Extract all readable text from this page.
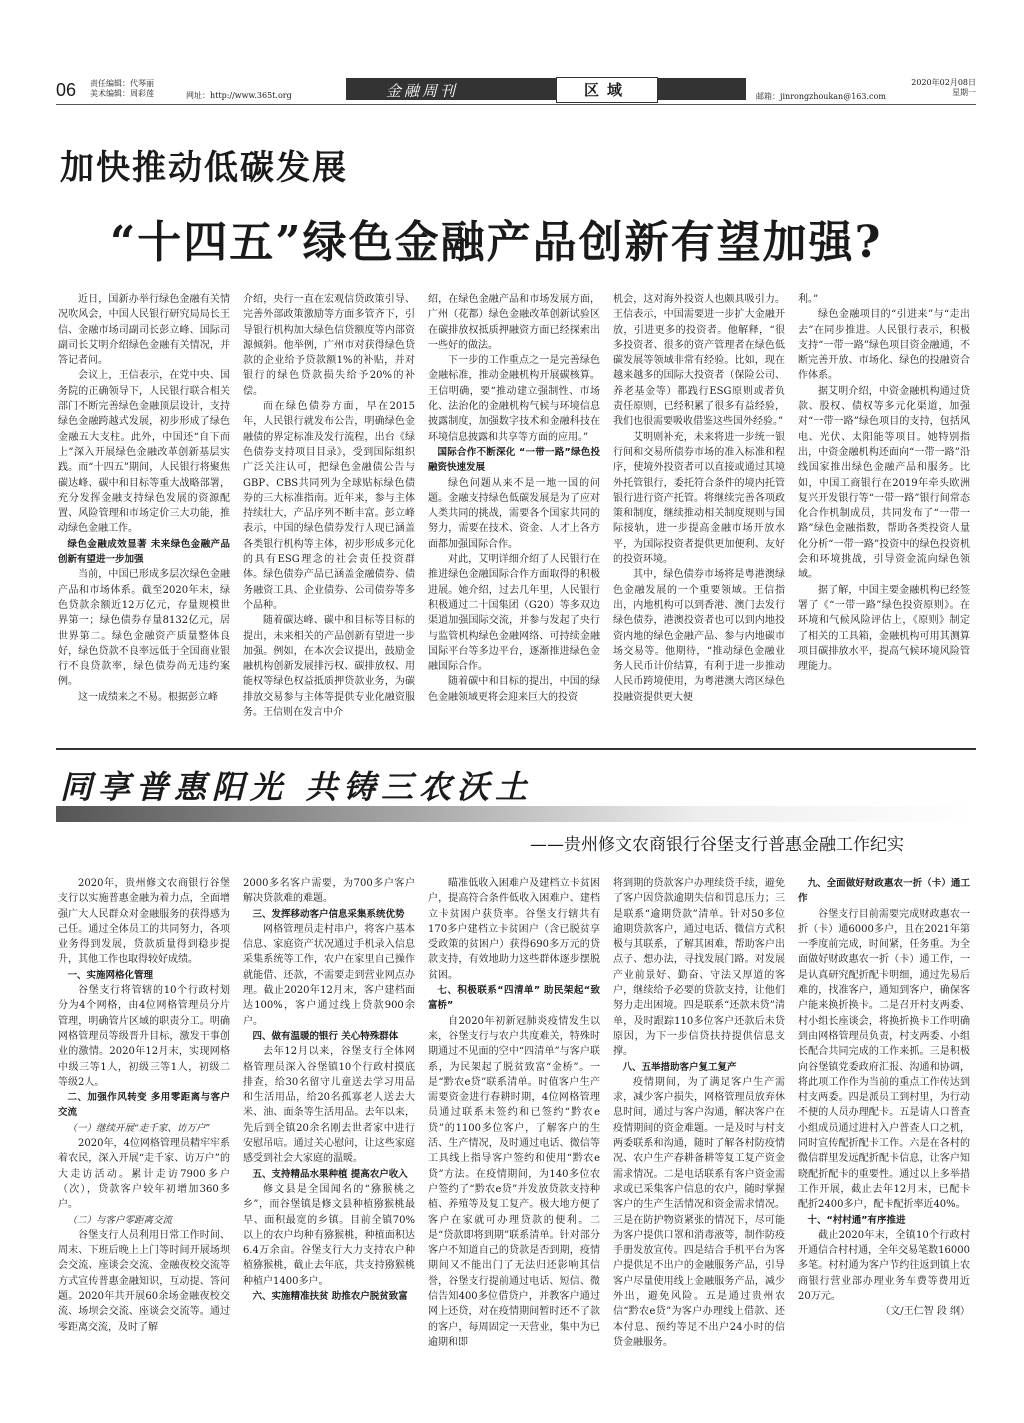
06 责任编辑：代琴丽
美术编辑：周彩莲	网址：http://www.365t.org	金融周刊	区域	邮箱：jinrongzhoukan@163.com
2020年02月08日
星期一
加快推动低碳发展
“十四五”绿色金融产品创新有望加强?

近日，国新办举行绿色金融有关情况吹风会，中国人民银行研究局局长王信、金融市场司副司长彭立峰、国际司副司长艾明介绍绿色金融有关情况，并答记者问。

会议上，王信表示，在党中央、国务院的正确领导下，人民银行联合相关部门不断完善绿色金融顶层设计，支持绿色金融跨越式发展，初步形成了绿色金融五大支柱。此外，中国还“自下而上”深入开展绿色金融改革创新基层实践。而“十四五”期间，人民银行将聚焦碳达峰、碳中和目标等重大战略部署，充分发挥金融支持绿色发展的资源配置、风险管理和市场定价三大功能，推动绿色金融工作。

绿色金融成效显著 未来绿色金融产品创新有望进一步加强

当前，中国已形成多层次绿色金融产品和市场体系。截至2020年末，绿色贷款余额近12万亿元，存量规模世界第一；绿色债券存量8132亿元，居世界第二。绿色金融资产质量整体良好，绿色贷款不良率远低于全国商业银行不良贷款率，绿色债券尚无违约案例。

这一成绩来之不易。根据彭立峰

介绍，央行一直在宏观信贷政策引导、完善外部政策激励等方面多管齐下，引导银行机构加大绿色信贷额度等内部资源倾斜。他举例，广州市对获得绿色贷款的企业给予贷款额1%的补贴，并对银行的绿色贷款损失给予20%的补偿。

而在绿色债券方面，早在2015年，人民银行就发布公告，明确绿色金融债的界定标准及发行流程，出台《绿色债券支持项目目录》，受到国际组织广泛关注认可，把绿色金融债公告与GBP、CBS共同列为全球贴标绿色债券的三大标准指南。近年来，参与主体持续壮大，产品序列不断丰富。彭立峰表示，中国的绿色债券发行人现已涵盖各类银行机构等主体，初步形成多元化的具有ESG理念的社会责任投资群体。绿色债券产品已涵盖金融债券、债务融资工具、企业债券、公司债券等多个品种。

随着碳达峰、碳中和目标等目标的提出，未来相关的产品创新有望进一步加强。例如，在本次会议提出，鼓励金融机构创新发展排污权、碳排放权、用能权等绿色权益抵质押贷款业务，为碳排放交易参与主体等提供专业化融资服务。王信则在发言中介

绍，在绿色金融产品和市场发展方面，广州（花都）绿色金融改革创新试验区在碳排放权抵质押融资方面已经探索出一些好的做法。

下一步的工作重点之一是完善绿色金融标准，推动金融机构开展碳核算。王信明确，要“推动建立强制性、市场化、法治化的金融机构气候与环境信息披露制度，加强数字技术和金融科技在环境信息披露和共享等方面的应用。”

国际合作不断深化 “一带一路”绿色投融资快速发展

绿色问题从来不是一地一国的问题。金融支持绿色低碳发展是为了应对人类共同的挑战，需要各个国家共同的努力，需要在技术、资金、人才上各方面都加强国际合作。

对此，艾明详细介绍了人民银行在推进绿色金融国际合作方面取得的积极进展。她介绍，过去几年里，人民银行积极通过二十国集团（G20）等多双边渠道加强国际交流，并参与发起了央行与监管机构绿色金融网络、可持续金融国际平台等多边平台，逐渐推进绿色金融国际合作。

随着碳中和目标的提出，中国的绿色金融领域更将会迎来巨大的投资

机会，这对海外投资人也颇具吸引力。王信表示，中国需要进一步扩大金融开放，引进更多的投资者。他解释，“很多投资者、很多的资产管理者在绿色低碳发展等领域非常有经验。比如，现在越来越多的国际大投资者（保险公司、养老基金等）都践行ESG原则或者负责任原则，已经积累了很多有益经验，我们也很需要吸收借鉴这些国外经验。”

艾明则补充，未来将进一步统一银行间和交易所债券市场的准入标准和程序，使境外投资者可以直接或通过其境外托管银行，委托符合条件的境内托管银行进行资产托管。将继续完善各项政策和制度，继续推动相关制度规则与国际接轨，进一步提高金融市场开放水平，为国际投资者提供更加便利、友好的投资环境。

其中，绿色债券市场将是粤港澳绿色金融发展的一个重要领域。王信指出，内地机构可以到香港、澳门去发行绿色债券，港澳投资者也可以到内地投资内地的绿色金融产品、参与内地碳市场交易等。他期待，“推动绿色金融业务人民币计价结算，有利于进一步推动人民币跨境使用，为粤港澳大湾区绿色投融资提供更大便

利。”

绿色金融项目的“引进来”与“走出去”在同步推进。人民银行表示，积极支持“一带一路”绿色项目资金融通，不断完善开放、市场化、绿色的投融资合作体系。

据艾明介绍，中资金融机构通过贷款、股权、债权等多元化渠道，加强对“一带一路”绿色项目的支持，包括风电、光伏、太阳能等项目。她特别指出，中资金融机构还面向“一带一路”沿线国家推出绿色金融产品和服务。比如，中国工商银行在2019年牵头欧洲复兴开发银行等“一带一路”银行间常态化合作机制成员，共同发布了“一带一路”绿色金融指数，帮助各类投资人量化分析“一带一路”投资中的绿色投资机会和环境挑战，引导资金流向绿色领域。

据了解，中国主要金融机构已经签署了《“一带一路”绿色投资原则》。在环境和气候风险评估上，《原则》制定了相关的工具箱，金融机构可用其测算项目碳排放水平，提高气候环境风险管理能力。

同享普惠阳光 共铸三农沃土
——贵州修文农商银行谷堡支行普惠金融工作纪实

2020年，贵州修文农商银行谷堡支行以实施普惠金融为着力点，全面增强广大人民群众对金融服务的获得感为己任。通过全体员工的共同努力，各项业务得到发展，贷款质量得到稳步提升，其他工作也取得较好成绩。

一、实施网格化管理

谷堡支行将管辖的10个行政村划分为4个网格，由4位网格管理员分片管理，明确管片区域的职责分工。明确网格管理员等级晋升目标，激发干事创业的激情。2020年12月末，实现网格中级三等1人，初级三等1人，初级二等级2人。

二、加强作风转变 多用零距离与客户交流

（一）继续开展“走千家、访万户”

2020年，4位网格管理员精牢牢系着农民，深入开展“走千家、访万户”的大走访活动。累计走访7900多户（次），贷款客户较年初增加360多户。

（二）与客户零距离交流

谷堡支行人员利用日常工作时间、周末、下班后晚上上门等时间开展场坝会交流、座谈会交流、金融夜校交流等方式宣传普惠金融知识，互动提、答问题。2020年共开展60余场金融夜校交流、场坝会交流、座谈会交流等。通过零距离交流，及时了解

2000多名客户需要，为700多户客户解决贷款难的难题。

三、发挥移动客户信息采集系统优势

网格管理员走村串户，将客户基本信息、家庭资产状况通过手机录入信息采集系统等工作，农户在家里自己操作就能借、还款，不需要走到营业网点办理。截止2020年12月末，客户建档面达100%，客户通过线上贷款900余户。

四、做有温暖的银行 关心特殊群体

去年12月以来，谷堡支行全体网格管理员深入谷堡镇10个行政村摸底排查，给30名留守儿童送去学习用品和生活用品，给20名孤寡老人送去大米、油、面条等生活用品。去年以来，先后到全镇20余名刚去世者家中进行安慰吊唁。通过关心慰问，让这些家庭感受到社会大家庭的温暖。

五、支持精品水果种植 提高农户收入

修文县是全国闻名的“猕猴桃之乡”，而谷堡镇是修文县种植猕猴桃最早、面积最宽的乡镇。目前全镇70%以上的农户均种有猕猴桃，种植面积达6.4万余亩。谷堡支行大力支持农户种植猕猴桃，截止去年底，共支持猕猴桃种植户1400多户。

六、实施精准扶贫 助推农户脱贫致富

瞄准低收入困难户及建档立卡贫困户，提高符合条件低收入困难户、建档立卡贫困户获贷率。谷堡支行辖共有170多户建档立卡贫困户（含已脱贫享受政策的贫困户）获得690多万元的贷款支持，有效地助力这些群体逐步摆脱贫困。

七、积极联系“四清单” 助民架起“致富桥”

自2020年初新冠肺炎疫情发生以来，谷堡支行与农户共度难关，特殊时期通过不见面的空中“四清单”与客户联系，为民架起了脱贫致富“金桥”。一是“黔农e贷”联系清单。时值客户生产需要资金进行春耕时期，4位网格管理员通过联系未签约和已签约“黔农e贷”的1100多位客户，了解客户的生活、生产情况，及时通过电话、微信等工具线上指导客户签约和使用“黔农e贷”方法。在疫情期间，为140多位农户签约了“黔农e贷”并发放贷款支持种植、养殖等及复工复产。极大地方便了客户在家就可办理贷款的便利。二是“贷款即将到期”联系清单。针对部分客户不知道自己的贷款是否到期，疫情期间又不能出门了无法归还影响其信誉，谷堡支行提前通过电话、短信、微信告知400多位借贷户，并教客户通过网上还贷，对在疫情期间暂时还不了款的客户，每周固定一天营业，集中为已逾期和即

将到期的贷款客户办理续贷手续，避免了客户因贷款逾期失信和罚息压力；三是联系“逾期贷款”清单。针对50多位逾期贷款客户，通过电话、微信方式积极与其联系，了解其困难，帮助客户出点子、想办法，寻找发展门路。对发展产业前景好、勤奋、守法又厚道的客户，继续给予必要的贷款支持，让他们努力走出困境。四是联系“还款未贷”清单，及时跟踪110多位客户还款后未贷原因，为下一步信贷扶持提供信息支撑。

八、五举措助客户复工复产

疫情期间，为了满足客户生产需求，减少客户损失，网格管理员放弃休息时间，通过与客户沟通，解决客户在疫情期间的资金难题。一是及时与村支两委联系和沟通，随时了解各村防疫情况、农户生产春耕备耕等复工复产资金需求情况。二是电话联系有客户资金需求或已采集客户信息的农户，随时掌握客户的生产生活情况和资金需求情况。三是在防护物资紧张的情况下，尽可能为客户提供口罩和消毒液等，制作防疫手册发放宣传。四是结合手机平台为客户提供足不出户的金融服务产品，引导客户尽量使用线上金融服务产品，减少外出，避免风险。五是通过贵州农信“黔农e贷”为客户办理线上借款、还本付息、预约等足不出户24小时的信贷金融服务。

九、全面做好财政惠农一折（卡）通工作

谷堡支行目前需要完成财政惠农一折（卡）通6000多户，且在2021年第一季度前完成，时间紧，任务重。为全面做好财政惠农一折（卡）通工作，一是认真研究配折配卡明细，通过先易后难的，找准客户，通知到客户，确保客户能来换折换卡。二是召开村支两委、村小组长座谈会，将换折换卡工作明确到由网格管理员负责，村支两委、小组长配合共同完成的工作来抓。三是积极向谷堡镇党委政府汇报、沟通和协调，将此项工作作为当前的重点工作传达到村支两委。四是派员工到村里，为行动不便的人员办理配卡。五是请人口普查小组成员通过进村入户普查人口之机，同时宣传配折配卡工作。六是在各村的微信群里发远配折配卡信息，让客户知晓配折配卡的重要性。通过以上多举措工作开展，截止去年12月末，已配卡配折2400多户，配卡配折率近40%。

十、“村村通”有序推进

截止2020年末，全镇10个行政村开通信合村村通，全年交易笔数16000多笔。村村通为客户节约往返到镇上农商银行营业部办理业务车费等费用近20万元。

（文/王仁智 段 纲）
